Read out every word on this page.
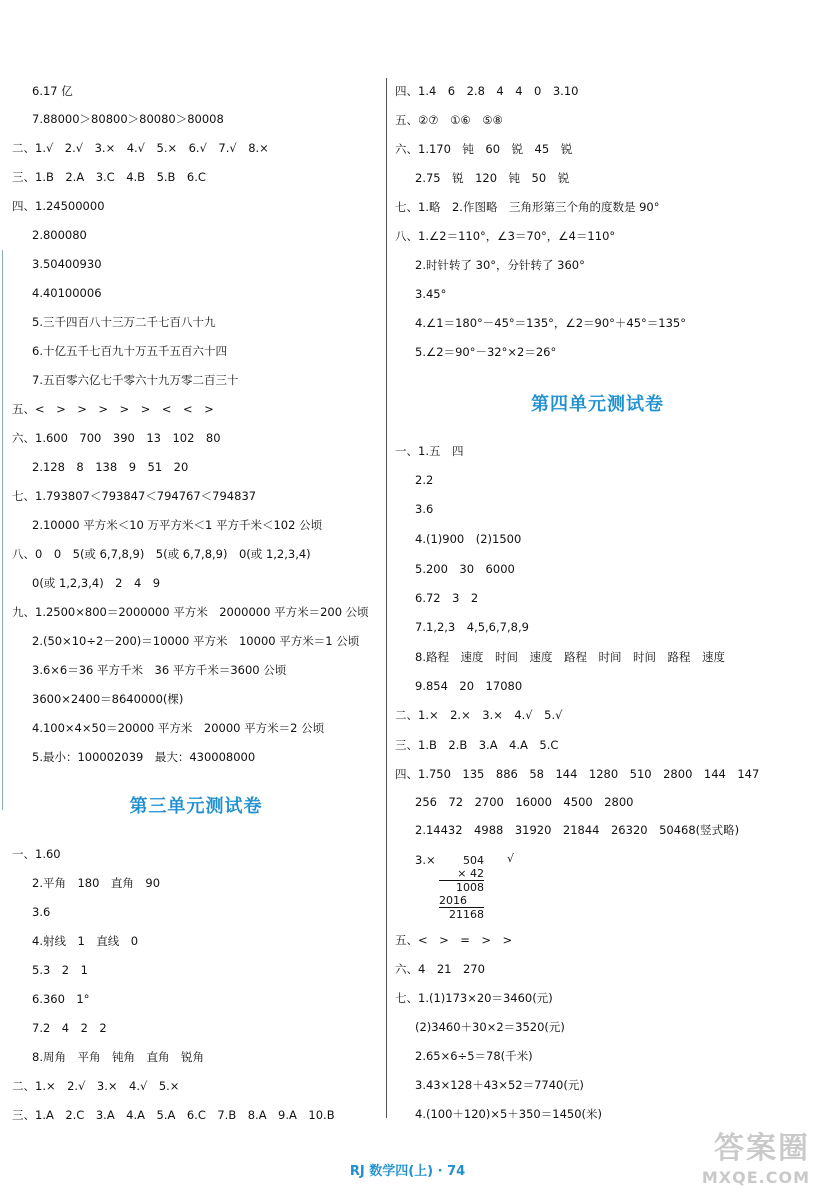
6.17 亿
7.88000＞80800＞80080＞80008
二、1.√　2.√　3.×　4.√　5.×　6.√　7.√　8.×
三、1.B　2.A　3.C　4.B　5.B　6.C
四、1.24500000
2.800080
3.50400930
4.40100006
5.三千四百八十三万二千七百八十九
6.十亿五千七百九十万五千五百六十四
7.五百零六亿七千零六十九万零二百三十
五、<　>　>　>　>　>　<　<　>
六、1.600　700　390　13　102　80
2.128　8　138　9　51　20
七、1.793807＜793847＜794767＜794837
2.10000 平方米＜10 万平方米＜1 平方千米＜102 公顷
八、0　0　5(或 6,7,8,9)　5(或 6,7,8,9)　0(或 1,2,3,4)
0(或 1,2,3,4)　2　4　9
九、1.2500×800＝2000000 平方米　2000000 平方米＝200 公顷
2.(50×10÷2－200)＝10000 平方米　10000 平方米＝1 公顷
3.6×6＝36 平方千米　36 平方千米＝3600 公顷
3600×2400＝8640000(棵)
4.100×4×50＝20000 平方米　20000 平方米＝2 公顷
5.最小：100002039　最大：430008000
第三单元测试卷
一、1.60
2.平角　180　直角　90
3.6
4.射线　1　直线　0
5.3　2　1
6.360　1°
7.2　4　2　2
8.周角　平角　钝角　直角　锐角
二、1.×　2.√　3.×　4.√　5.×
三、1.A　2.C　3.A　4.A　5.A　6.C　7.B　8.A　9.A　10.B
四、1.4　6　2.8　4　4　0　3.10
五、②⑦　①⑥　⑤⑧
六、1.170　钝　60　锐　45　锐
2.75　锐　120　钝　50　锐
七、1.略　2.作图略　三角形第三个角的度数是 90°
八、1.∠2＝110°，∠3＝70°，∠4＝110°
2.时针转了 30°，分针转了 360°
3.45°
4.∠1＝180°－45°＝135°，∠2＝90°＋45°＝135°
5.∠2＝90°－32°×2＝26°
第四单元测试卷
一、1.五　四
2.2
3.6
4.(1)900　(2)1500
5.200　30　6000
6.72　3　2
7.1,2,3　4,5,6,7,8,9
8.路程　速度　时间　速度　路程　时间　时间　路程　速度
9.854　20　17080
二、1.×　2.×　3.×　4.√　5.√
三、1.B　2.B　3.A　4.A　5.C
四、1.750　135　886　58　144　1280　510　2800　144　147
256　72　2700　16000　4500　2800
2.14432　4988　31920　21844　26320　50468(竖式略)
3.×	504 √
× 42
1008
2016
21168
五、<　>　=　>　>
六、4　21　270
七、1.(1)173×20＝3460(元)
(2)3460＋30×2＝3520(元)
2.65×6÷5＝78(千米)
3.43×128＋43×52＝7740(元)
4.(100＋120)×5＋350＝1450(米)
RJ 数学四(上) · 74
答案圈
MXQE.COM
